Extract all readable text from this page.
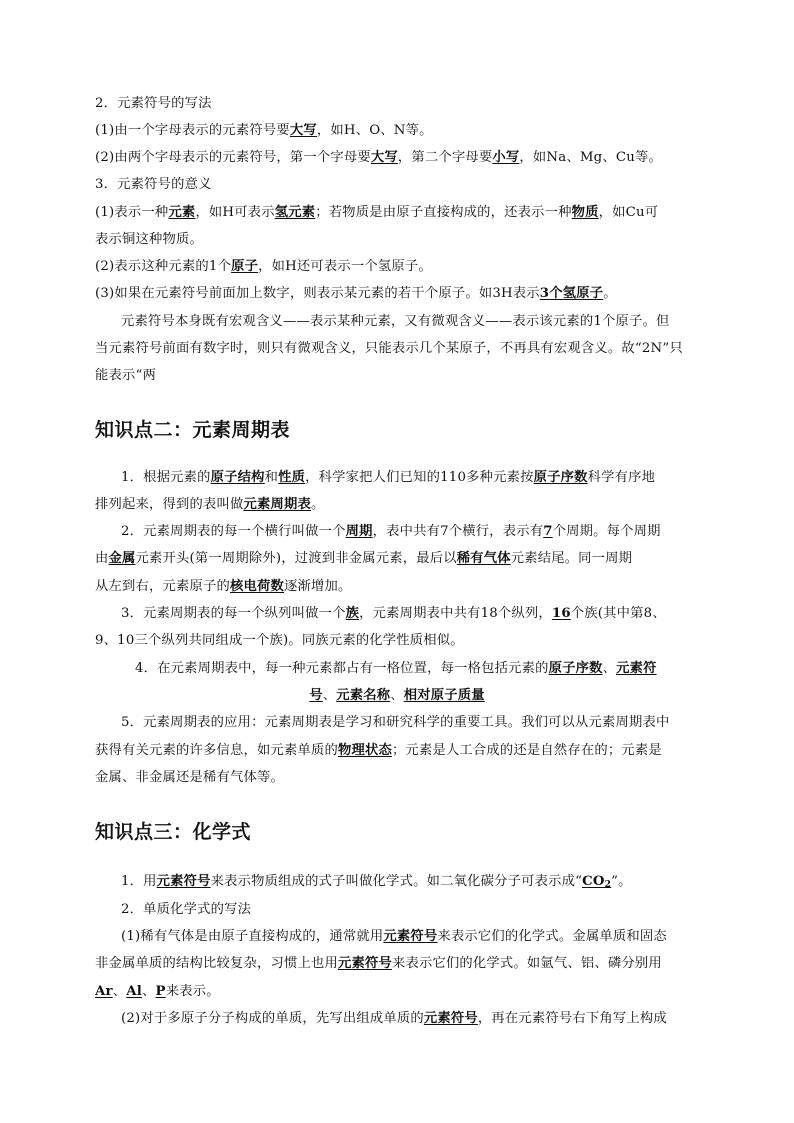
2．元素符号的写法
(1)由一个字母表示的元素符号要大写，如H、O、N等。
(2)由两个字母表示的元素符号，第一个字母要大写，第二个字母要小写，如Na、Mg、Cu等。
3．元素符号的意义
(1)表示一种元素，如H可表示氢元素；若物质是由原子直接构成的，还表示一种物质，如Cu可
表示铜这种物质。
(2)表示这种元素的1个原子，如H还可表示一个氢原子。
(3)如果在元素符号前面加上数字，则表示某元素的若干个原子。如3H表示3个氢原子。
元素符号本身既有宏观含义——表示某种元素，又有微观含义——表示该元素的1个原子。但
当元素符号前面有数字时，则只有微观含义，只能表示几个某原子，不再具有宏观含义。故“2N”只
能表示“两
知识点二：元素周期表
1．根据元素的原子结构和性质，科学家把人们已知的110多种元素按原子序数科学有序地
排列起来，得到的表叫做元素周期表。
2．元素周期表的每一个横行叫做一个周期，表中共有7个横行，表示有7个周期。每个周期
由金属元素开头(第一周期除外)，过渡到非金属元素，最后以稀有气体元素结尾。同一周期
从左到右，元素原子的核电荷数逐渐增加。
3．元素周期表的每一个纵列叫做一个族，元素周期表中共有18个纵列，16个族(其中第8、
9、10三个纵列共同组成一个族)。同族元素的化学性质相似。
4．在元素周期表中，每一种元素都占有一格位置，每一格包括元素的原子序数、元素符
号、元素名称、相对原子质量
5．元素周期表的应用：元素周期表是学习和研究科学的重要工具。我们可以从元素周期表中
获得有关元素的许多信息，如元素单质的物理状态；元素是人工合成的还是自然存在的；元素是
金属、非金属还是稀有气体等。
知识点三：化学式
1．用元素符号来表示物质组成的式子叫做化学式。如二氧化碳分子可表示成“$CO_2$”。
2．单质化学式的写法
(1)稀有气体是由原子直接构成的，通常就用元素符号来表示它们的化学式。金属单质和固态
非金属单质的结构比较复杂，习惯上也用元素符号来表示它们的化学式。如氩气、铝、磷分别用
Ar、Al、P来表示。
(2)对于多原子分子构成的单质，先写出组成单质的元素符号，再在元素符号右下角写上构成
